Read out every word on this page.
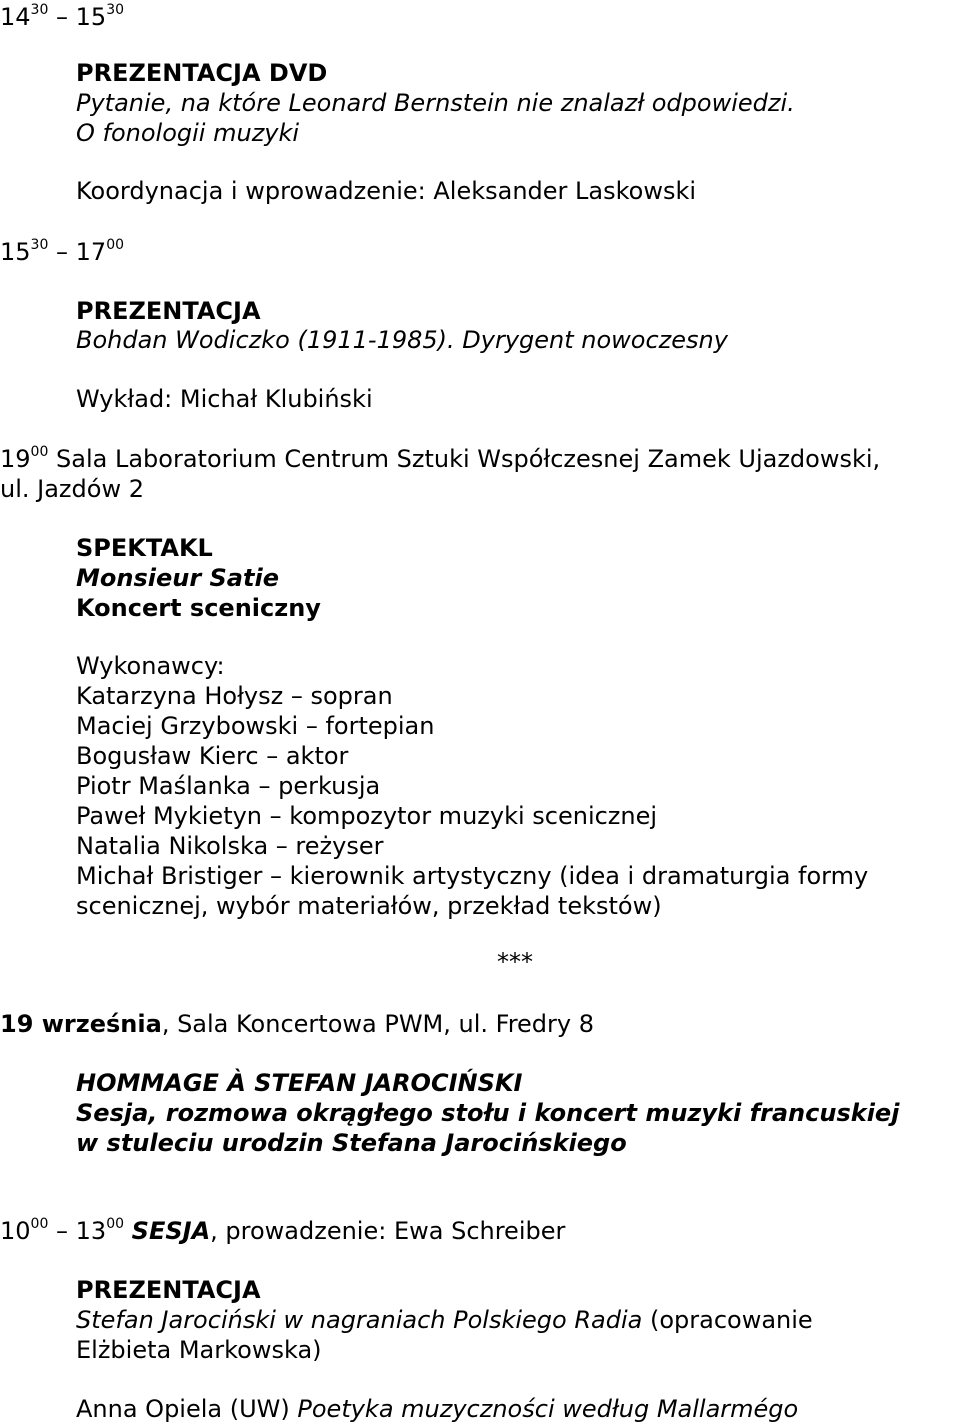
$14^{30} - 15^{30}$
PREZENTACJA DVD
Pytanie, na które Leonard Bernstein nie znalazł odpowiedzi.
O fonologii muzyki
Koordynacja i wprowadzenie: Aleksander Laskowski
$15^{30} - 17^{00}$
PREZENTACJA
Bohdan Wodiczko (1911-1985). Dyrygent nowoczesny
Wykład: Michał Klubiński
$19^{00}$ Sala Laboratorium Centrum Sztuki Współczesnej Zamek Ujazdowski,
ul. Jazdów 2
SPEKTAKL
Monsieur Satie
Koncert sceniczny
Wykonawcy:
Katarzyna Hołysz – sopran
Maciej Grzybowski – fortepian
Bogusław Kierc – aktor
Piotr Maślanka – perkusja
Paweł Mykietyn – kompozytor muzyki scenicznej
Natalia Nikolska – reżyser
Michał Bristiger – kierownik artystyczny (idea i dramaturgia formy
scenicznej, wybór materiałów, przekład tekstów)
***
19 września, Sala Koncertowa PWM, ul. Fredry 8
HOMMAGE À STEFAN JAROCIŃSKI
Sesja, rozmowa okrągłego stołu i koncert muzyki francuskiej
w stuleciu urodzin Stefana Jarocińskiego
$10^{00} - 13^{00}$ SESJA, prowadzenie: Ewa Schreiber
PREZENTACJA
Stefan Jarociński w nagraniach Polskiego Radia (opracowanie
Elżbieta Markowska)
Anna Opiela (UW) Poetyka muzyczności według Mallarmégo
